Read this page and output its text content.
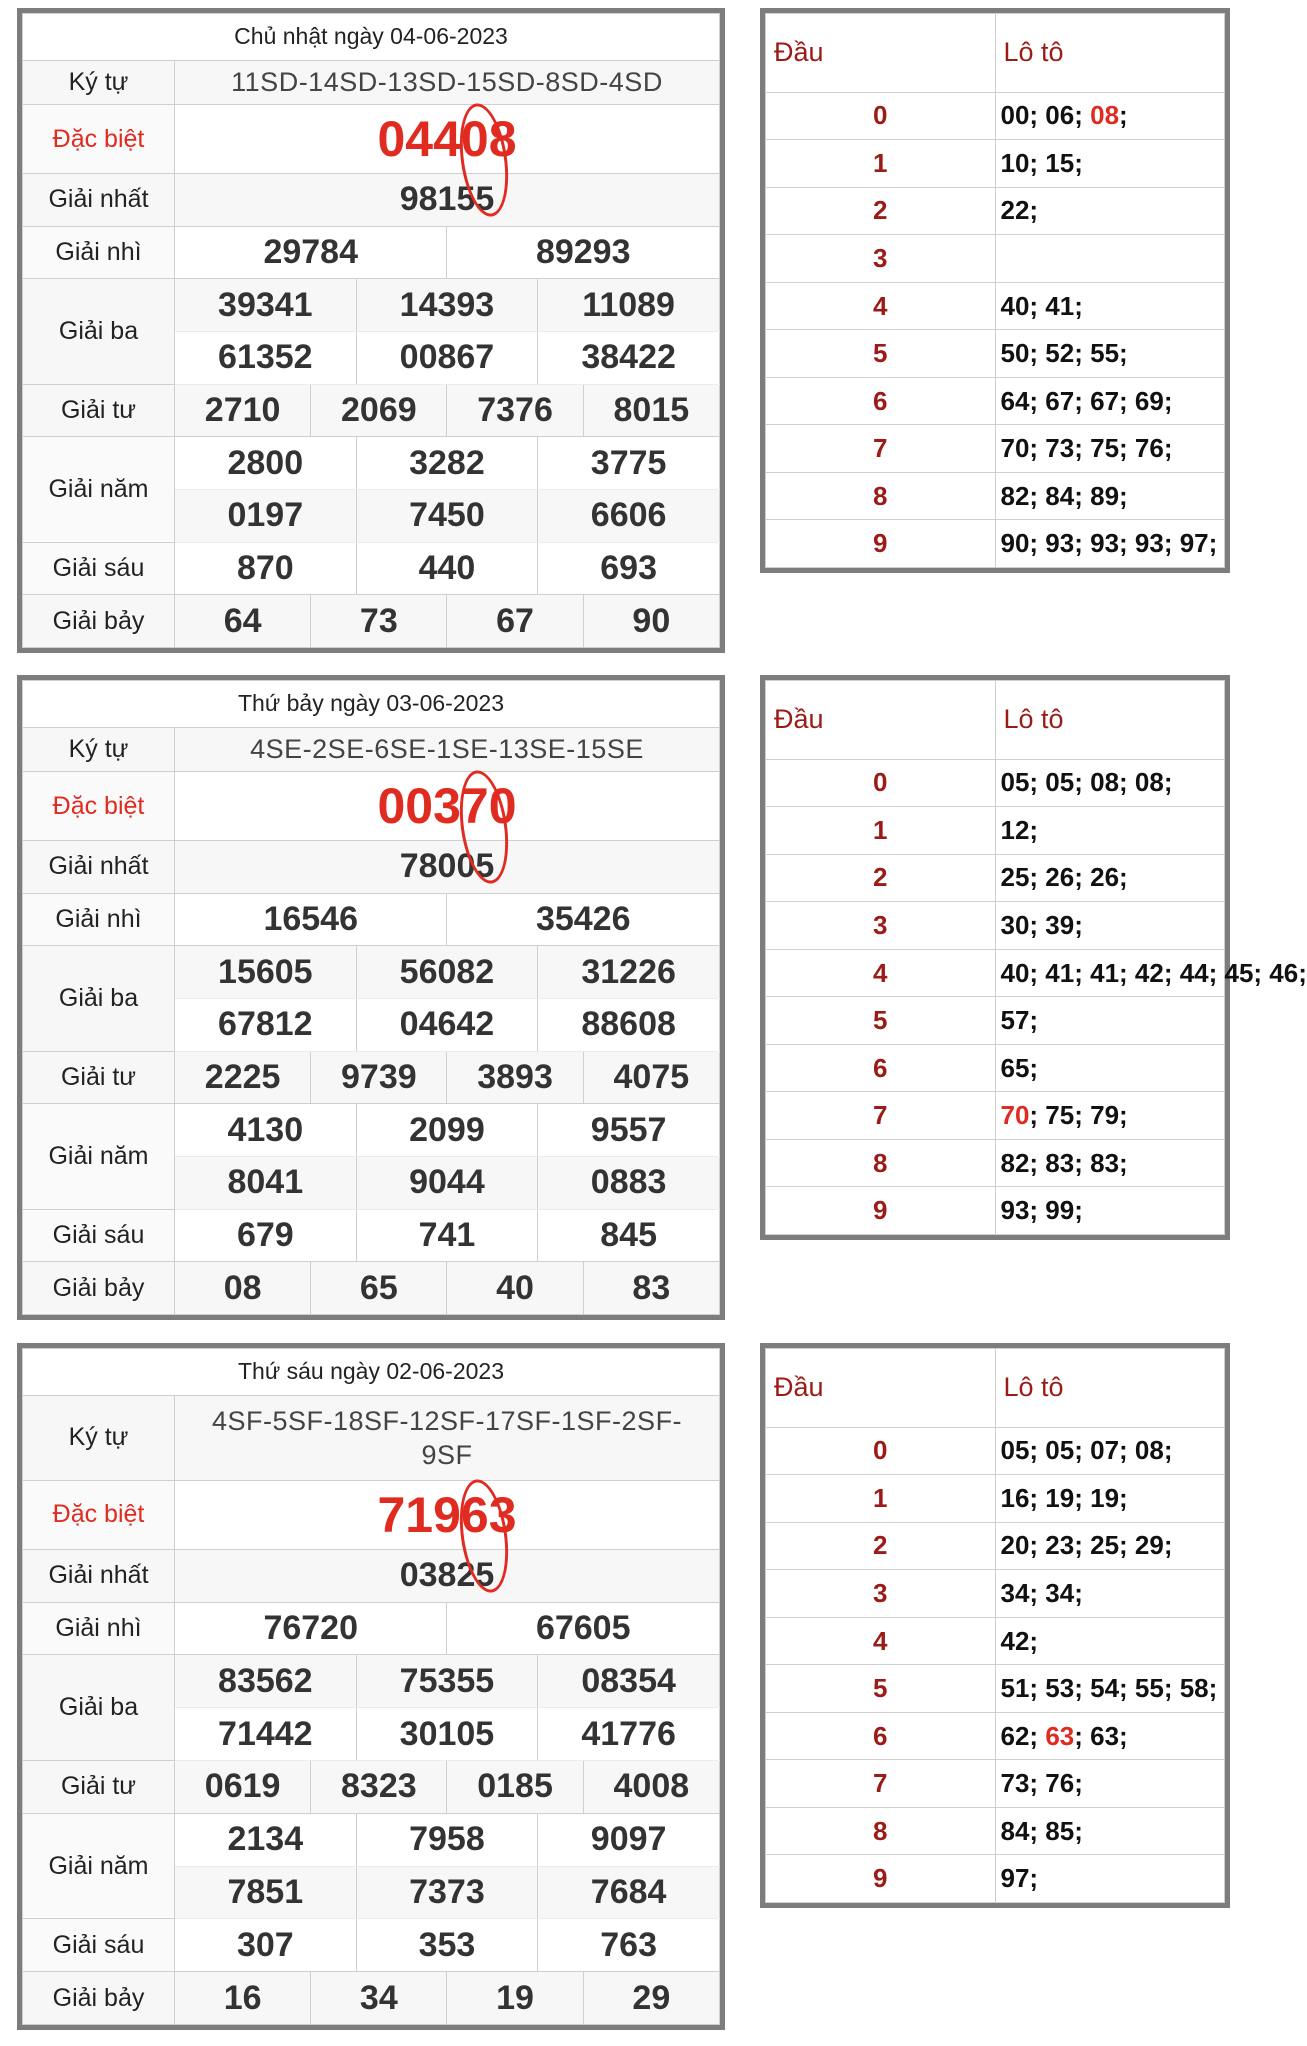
Chủ nhật ngày 04-06-2023						
Ký tự	11SD-14SD-13SD-15SD-8SD-4SD					
Đặc biệt	04408					

Giải nhất	98155					
Giải nhì	29784			89293		
Giải ba	39341		14393		11089	
	61352		00867		38422	
Giải tư	2710	2069		7376		8015
Giải năm	2800		3282		3775	
	0197		7450		6606	
Giải sáu	870		440		693	
Giải bảy	64	73		67		90
Đầu	Lô tô
0	00; 06; 08;
1	10; 15;
2	22;
3	
4	40; 41;
5	50; 52; 55;
6	64; 67; 67; 69;
7	70; 73; 75; 76;
8	82; 84; 89;
9	90; 93; 93; 93; 97;
Thứ bảy ngày 03-06-2023						
Ký tự	4SE-2SE-6SE-1SE-13SE-15SE					
Đặc biệt	00370					

Giải nhất	78005					
Giải nhì	16546			35426		
Giải ba	15605		56082		31226	
	67812		04642		88608	
Giải tư	2225	9739		3893		4075
Giải năm	4130		2099		9557	
	8041		9044		0883	
Giải sáu	679		741		845	
Giải bảy	08	65		40		83
Đầu	Lô tô
0	05; 05; 08; 08;
1	12;
2	25; 26; 26;
3	30; 39;
4	40; 41; 41; 42; 44; 45; 46;
5	57;
6	65;
7	70; 75; 79;
8	82; 83; 83;
9	93; 99;
Thứ sáu ngày 02-06-2023						
Ký tự	4SF-5SF-18SF-12SF-17SF-1SF-2SF-9SF					
Đặc biệt	71963					

Giải nhất	03825					
Giải nhì	76720			67605		
Giải ba	83562		75355		08354	
	71442		30105		41776	
Giải tư	0619	8323		0185		4008
Giải năm	2134		7958		9097	
	7851		7373		7684	
Giải sáu	307		353		763	
Giải bảy	16	34		19		29
Đầu	Lô tô
0	05; 05; 07; 08;
1	16; 19; 19;
2	20; 23; 25; 29;
3	34; 34;
4	42;
5	51; 53; 54; 55; 58;
6	62; 63; 63;
7	73; 76;
8	84; 85;
9	97;
